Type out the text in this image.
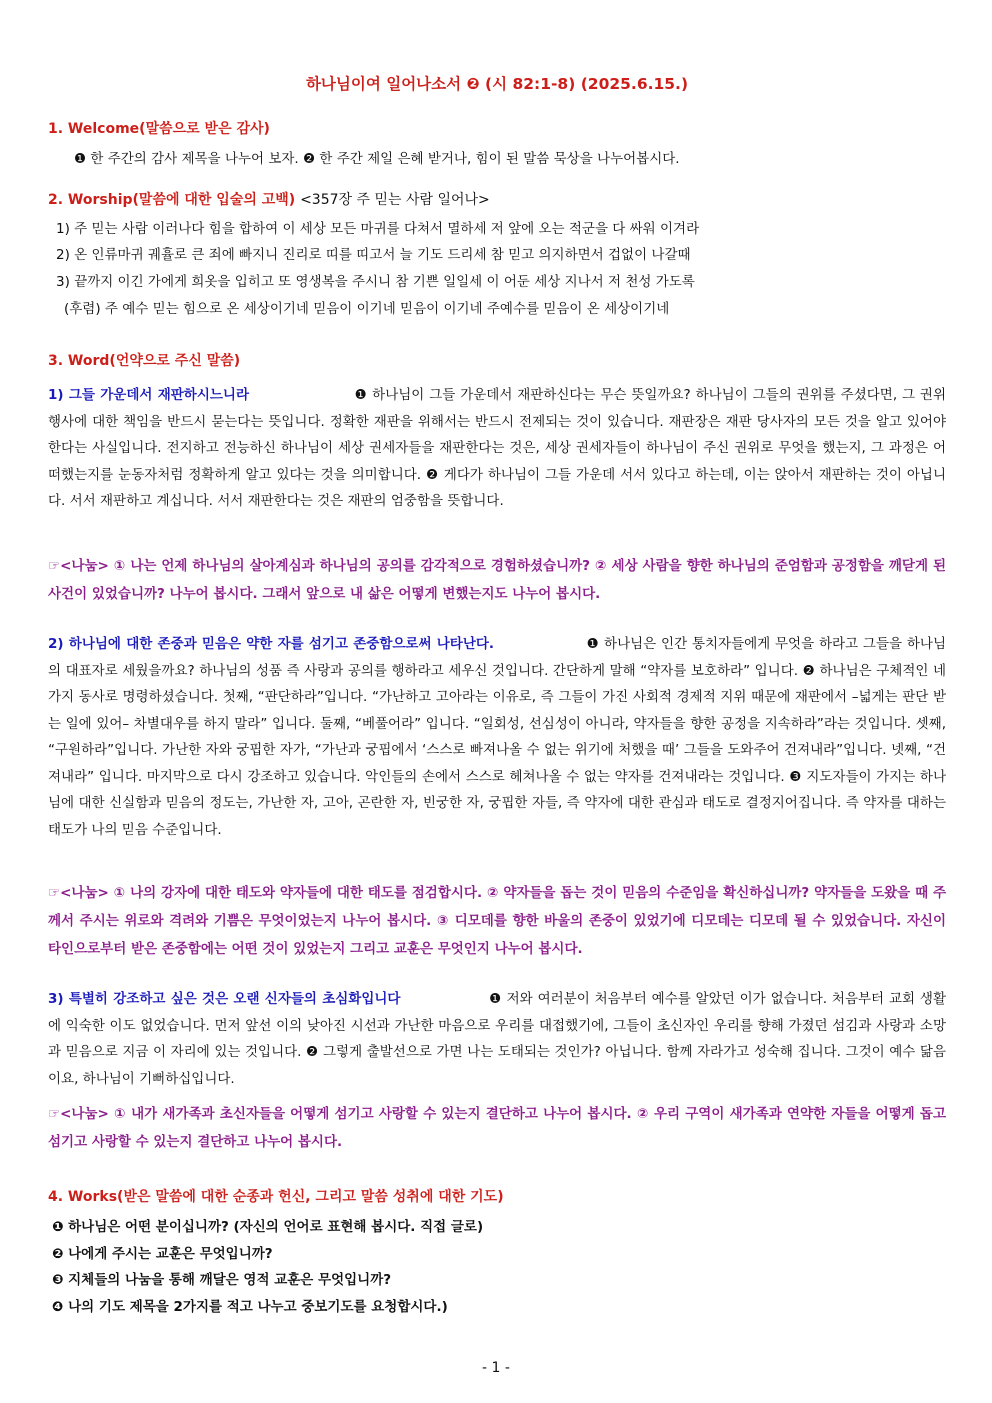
하나님이여 일어나소서 ❷ (시 82:1-8) (2025.6.15.)
1. Welcome(말씀으로 받은 감사)
❶ 한 주간의 감사 제목을 나누어 보자. ❷ 한 주간 제일 은혜 받거나, 힘이 된 말씀 묵상을 나누어봅시다.
2. Worship(말씀에 대한 입술의 고백) <357장 주 믿는 사람 일어나>
1) 주 믿는 사람 이러나다 힘을 합하여 이 세상 모든 마귀를 다쳐서 멸하세 저 앞에 오는 적군을 다 싸워 이겨라
2) 온 인류마귀 궤휼로 큰 죄에 빠지니 진리로 띠를 띠고서 늘 기도 드리세 참 믿고 의지하면서 겁없이 나갈때
3) 끝까지 이긴 가에게 희옷을 입히고 또 영생복을 주시니 참 기쁜 일일세 이 어둔 세상 지나서 저 천성 가도록
(후렴) 주 예수 믿는 힘으로 온 세상이기네 믿음이 이기네 믿음이 이기네 주예수를 믿음이 온 세상이기네
3. Word(언약으로 주신 말씀)
1) 그들 가운데서 재판하시느니라	❶ 하나님이 그들 가운데서 재판하신다는 무슨 뜻일까요? 하나님이 그들의 권위를 주셨다면, 그 권위 행사에 대한 책임을 반드시 묻는다는 뜻입니다. 정확한 재판을 위해서는 반드시 전제되는 것이 있습니다. 재판장은 재판 당사자의 모든 것을 알고 있어야 한다는 사실입니다. 전지하고 전능하신 하나님이 세상 권세자들을 재판한다는 것은, 세상 권세자들이 하나님이 주신 권위로 무엇을 했는지, 그 과정은 어떠했는지를 눈동자처럼 정확하게 알고 있다는 것을 의미합니다. ❷ 게다가 하나님이 그들 가운데 서서 있다고 하는데, 이는 앉아서 재판하는 것이 아닙니다. 서서 재판하고 계십니다. 서서 재판한다는 것은 재판의 엄중함을 뜻합니다.
☞<나눔> ① 나는 언제 하나님의 살아계심과 하나님의 공의를 감각적으로 경험하셨습니까? ② 세상 사람을 향한 하나님의 준엄함과 공정함을 깨닫게 된 사건이 있었습니까? 나누어 봅시다. 그래서 앞으로 내 삶은 어떻게 변했는지도 나누어 봅시다.
2) 하나님에 대한 존중과 믿음은 약한 자를 섬기고 존중함으로써 나타난다.	❶ 하나님은 인간 통치자들에게 무엇을 하라고 그들을 하나님의 대표자로 세웠을까요? 하나님의 성품 즉 사랑과 공의를 행하라고 세우신 것입니다. 간단하게 말해 “약자를 보호하라” 입니다. ❷ 하나님은 구체적인 네 가지 동사로 명령하셨습니다. 첫째, “판단하라”입니다. “가난하고 고아라는 이유로, 즉 그들이 가진 사회적 경제적 지위 때문에 재판에서 –넓게는 판단 받는 일에 있어– 차별대우를 하지 말라” 입니다. 둘째, “베풀어라” 입니다. “일회성, 선심성이 아니라, 약자들을 향한 공정을 지속하라”라는 것입니다. 셋째, “구원하라”입니다. 가난한 자와 궁핍한 자가, “가난과 궁핍에서 ‘스스로 빠져나올 수 없는 위기에 처했을 때’ 그들을 도와주어 건져내라”입니다. 넷째, “건져내라” 입니다. 마지막으로 다시 강조하고 있습니다. 악인들의 손에서 스스로 헤쳐나올 수 없는 약자를 건져내라는 것입니다. ❸ 지도자들이 가지는 하나님에 대한 신실함과 믿음의 정도는, 가난한 자, 고아, 곤란한 자, 빈궁한 자, 궁핍한 자들, 즉 약자에 대한 관심과 태도로 결정지어집니다. 즉 약자를 대하는 태도가 나의 믿음 수준입니다.
☞<나눔> ① 나의 강자에 대한 태도와 약자들에 대한 태도를 점검합시다. ② 약자들을 돕는 것이 믿음의 수준임을 확신하십니까? 약자들을 도왔을 때 주께서 주시는 위로와 격려와 기쁨은 무엇이었는지 나누어 봅시다. ③ 디모데를 향한 바울의 존중이 있었기에 디모데는 디모데 될 수 있었습니다. 자신이 타인으로부터 받은 존중함에는 어떤 것이 있었는지 그리고 교훈은 무엇인지 나누어 봅시다.
3) 특별히 강조하고 싶은 것은 오랜 신자들의 초심화입니다	❶ 저와 여러분이 처음부터 예수를 알았던 이가 없습니다. 처음부터 교회 생활에 익숙한 이도 없었습니다. 먼저 앞선 이의 낮아진 시선과 가난한 마음으로 우리를 대접했기에, 그들이 초신자인 우리를 향해 가졌던 섬김과 사랑과 소망과 믿음으로 지금 이 자리에 있는 것입니다. ❷ 그렇게 출발선으로 가면 나는 도태되는 것인가? 아닙니다. 함께 자라가고 성숙해 집니다. 그것이 예수 닮음이요, 하나님이 기뻐하십입니다.
☞<나눔> ① 내가 새가족과 초신자들을 어떻게 섬기고 사랑할 수 있는지 결단하고 나누어 봅시다. ② 우리 구역이 새가족과 연약한 자들을 어떻게 돕고 섬기고 사랑할 수 있는지 결단하고 나누어 봅시다.
4. Works(받은 말씀에 대한 순종과 헌신, 그리고 말씀 성취에 대한 기도)
❶ 하나님은 어떤 분이십니까? (자신의 언어로 표현해 봅시다. 직접 글로)
❷ 나에게 주시는 교훈은 무엇입니까?
❸ 지체들의 나눔을 통해 깨달은 영적 교훈은 무엇입니까?
❹ 나의 기도 제목을 2가지를 적고 나누고 중보기도를 요청합시다.)
- 1 -
